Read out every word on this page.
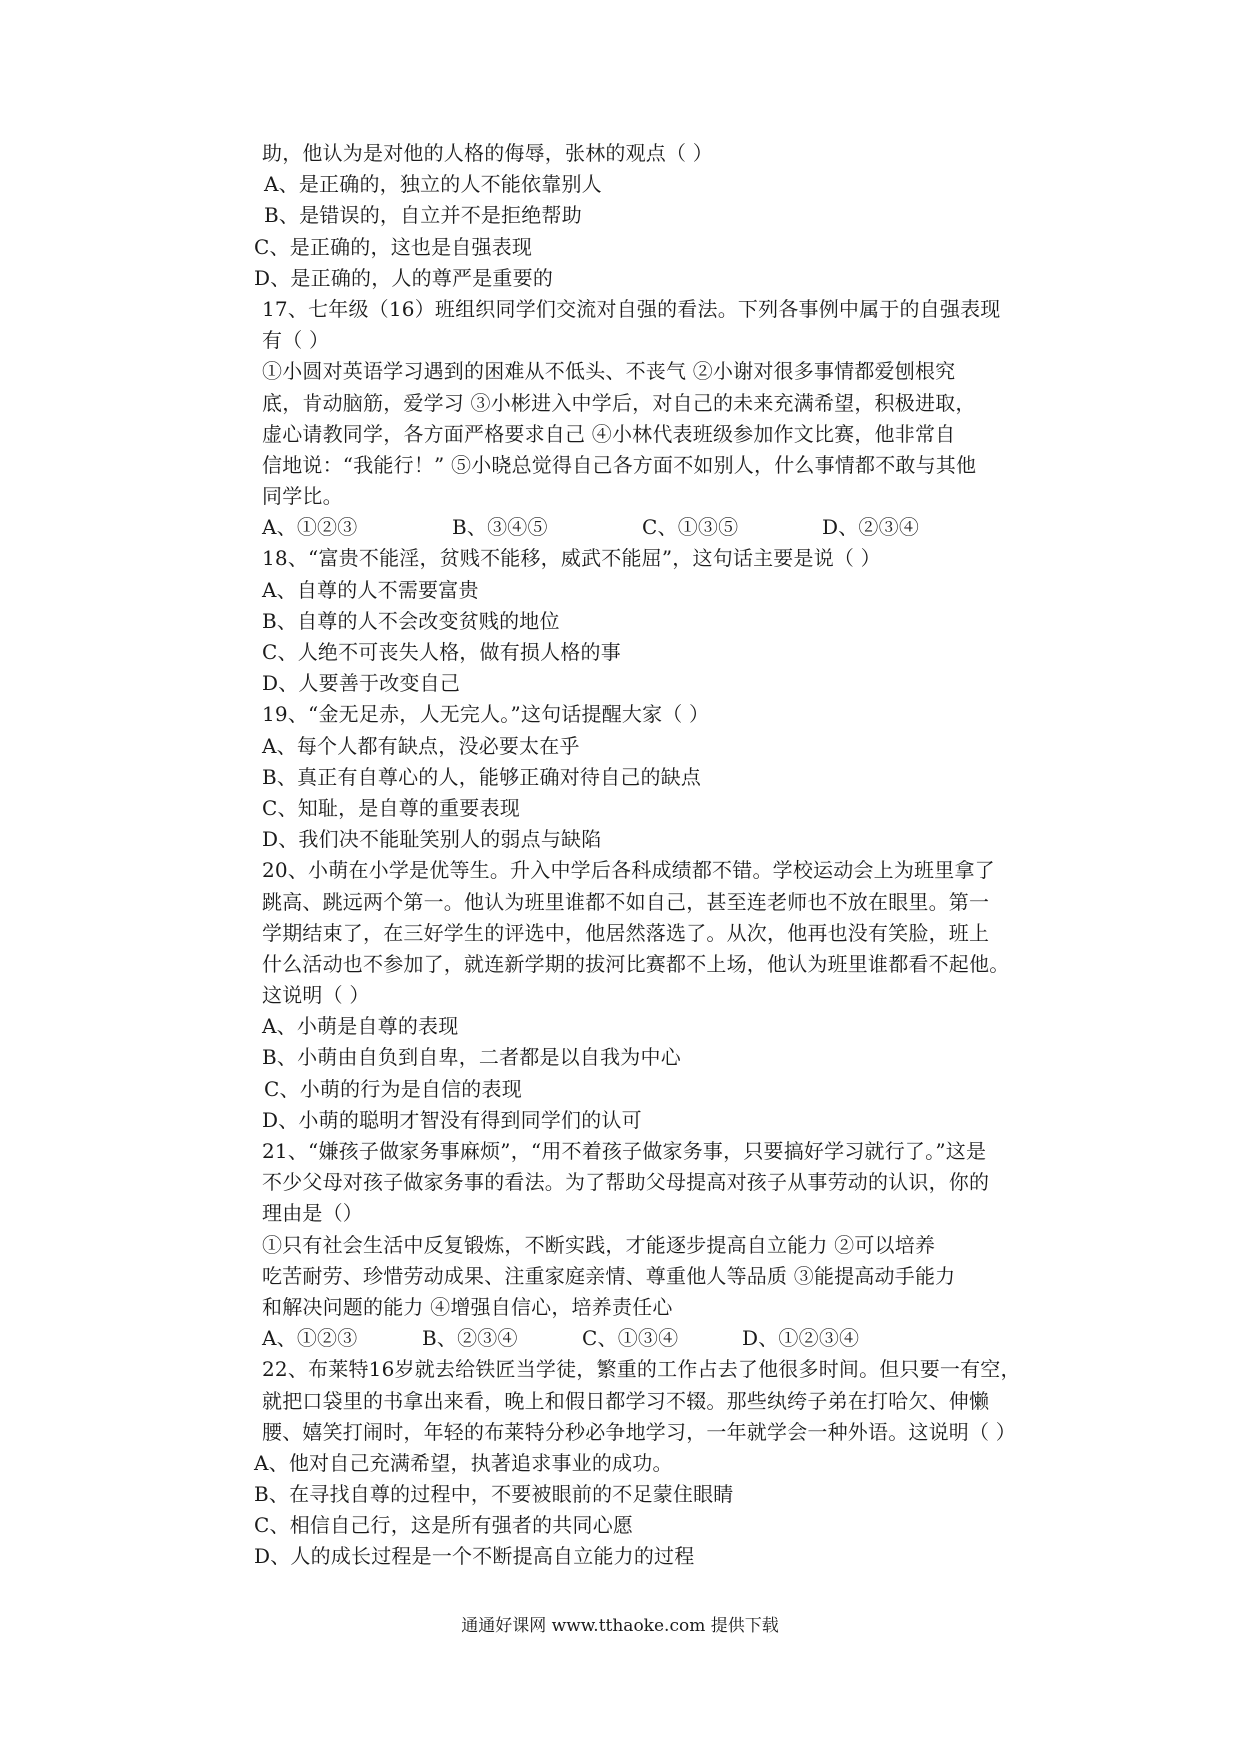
助，他认为是对他的人格的侮辱，张林的观点（ ）
A、是正确的，独立的人不能依靠别人
B、是错误的，自立并不是拒绝帮助
C、是正确的，这也是自强表现
D、是正确的，人的尊严是重要的
17、七年级（16）班组织同学们交流对自强的看法。下列各事例中属于的自强表现
有（ ）
①小圆对英语学习遇到的困难从不低头、不丧气 ②小谢对很多事情都爱刨根究
底，肯动脑筋，爱学习 ③小彬进入中学后，对自己的未来充满希望，积极进取，
虚心请教同学，各方面严格要求自己 ④小林代表班级参加作文比赛，他非常自
信地说：“我能行！” ⑤小晓总觉得自己各方面不如别人，什么事情都不敢与其他
同学比。
A、①②③	B、③④⑤	C、①③⑤	D、②③④
18、“富贵不能淫，贫贱不能移，威武不能屈”，这句话主要是说（ ）
A、自尊的人不需要富贵
B、自尊的人不会改变贫贱的地位
C、人绝不可丧失人格，做有损人格的事
D、人要善于改变自己
19、“金无足赤，人无完人。”这句话提醒大家（ ）
A、每个人都有缺点，没必要太在乎
B、真正有自尊心的人，能够正确对待自己的缺点
C、知耻，是自尊的重要表现
D、我们决不能耻笑别人的弱点与缺陷
20、小萌在小学是优等生。升入中学后各科成绩都不错。学校运动会上为班里拿了
跳高、跳远两个第一。他认为班里谁都不如自己，甚至连老师也不放在眼里。第一
学期结束了，在三好学生的评选中，他居然落选了。从次，他再也没有笑脸，班上
什么活动也不参加了，就连新学期的拔河比赛都不上场，他认为班里谁都看不起他。
这说明（ ）
A、小萌是自尊的表现
B、小萌由自负到自卑，二者都是以自我为中心
C、小萌的行为是自信的表现
D、小萌的聪明才智没有得到同学们的认可
21、“嫌孩子做家务事麻烦”，“用不着孩子做家务事，只要搞好学习就行了。”这是
不少父母对孩子做家务事的看法。为了帮助父母提高对孩子从事劳动的认识，你的
理由是（）
①只有社会生活中反复锻炼，不断实践，才能逐步提高自立能力 ②可以培养
吃苦耐劳、珍惜劳动成果、注重家庭亲情、尊重他人等品质 ③能提高动手能力
和解决问题的能力 ④增强自信心，培养责任心
A、①②③	B、②③④	C、①③④	D、①②③④
22、布莱特16岁就去给铁匠当学徒，繁重的工作占去了他很多时间。但只要一有空，
就把口袋里的书拿出来看，晚上和假日都学习不辍。那些纨绔子弟在打哈欠、伸懒
腰、嬉笑打闹时，年轻的布莱特分秒必争地学习，一年就学会一种外语。这说明（ ）
A、他对自己充满希望，执著追求事业的成功。
B、在寻找自尊的过程中，不要被眼前的不足蒙住眼睛
C、相信自己行，这是所有强者的共同心愿
D、人的成长过程是一个不断提高自立能力的过程
通通好课网 www.tthaoke.com 提供下载
